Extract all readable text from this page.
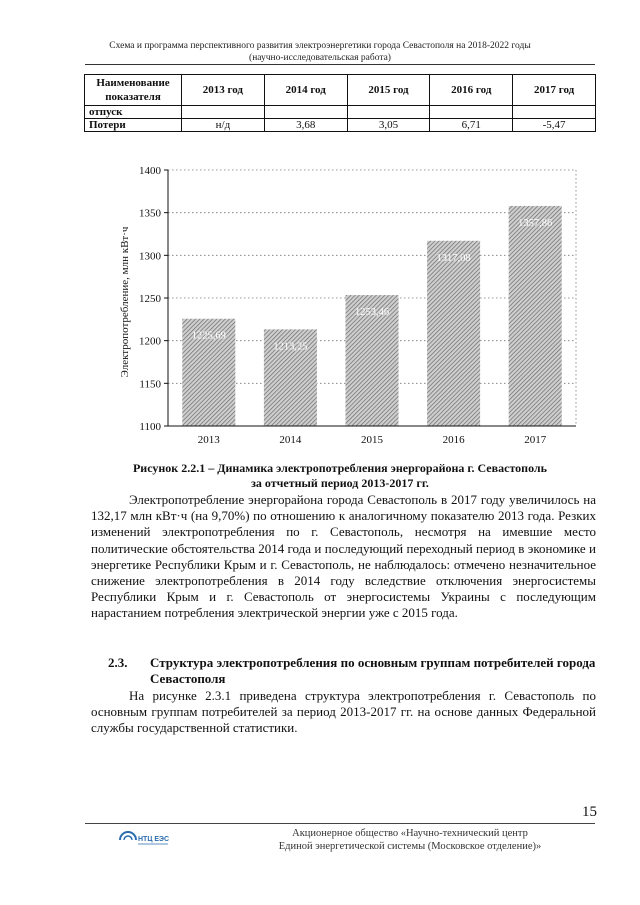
Схема и программа перспективного развития электроэнергетики города Севастополя на 2018-2022 годы
(научно-исследовательская работа)
Наименование показателя	2013 год	2014 год	2015 год	2016 год	2017 год
отпуск					
Потери	н/д	3,68	3,05	6,71	-5,47
1100
1150
1200
1250
1300
1350
1400
2013	2014	2015	2016	2017
1225,69
1213,25
1253,46
1317,08
1357,86
Электропотребление, млн кВт·ч
Рисунок 2.2.1 – Динамика электропотребления энергорайона г. Севастополь
за отчетный период 2013-2017 гг.
Электропотребление энергорайона города Севастополь в 2017 году увеличилось на 132,17 млн кВт·ч (на 9,70%) по отношению к аналогичному показателю 2013 года. Резких изменений электропотребления по г. Севастополь, несмотря на имевшие место политические обстоятельства 2014 года и последующий переходный период в экономике и энергетике Республики Крым и г. Севастополь, не наблюдалось: отмечено незначительное снижение электропотребления в 2014 году вследствие отключения энергосистемы Республики Крым и г. Севастополь от энергосистемы Украины с последующим нарастанием потребления электрической энергии уже с 2015 года.
2.3. Структура электропотребления по основным группам потребителей города Севастополя
На рисунке 2.3.1 приведена структура электропотребления г. Севастополь по основным группам потребителей за период 2013-2017 гг. на основе данных Федеральной службы государственной статистики.
15
НТЦ ЕЭС
Акционерное общество «Научно-технический центр
Единой энергетической системы (Московское отделение)»
